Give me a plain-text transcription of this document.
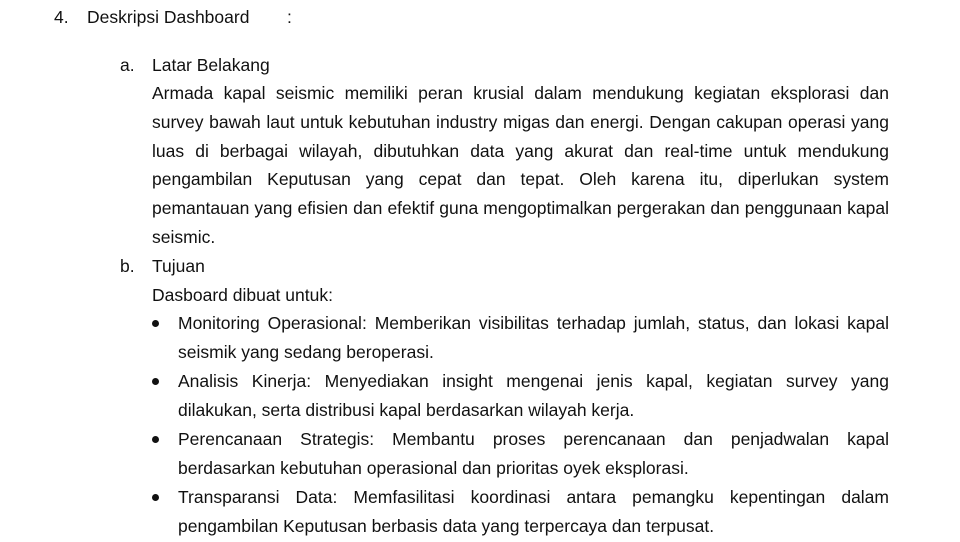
4.	Deskripsi Dashboard	:
a. Latar Belakang

Armada kapal seismic memiliki peran krusial dalam mendukung kegiatan eksplorasi dan survey bawah laut untuk kebutuhan industry migas dan energi. Dengan cakupan operasi yang luas di berbagai wilayah, dibutuhkan data yang akurat dan real-time untuk mendukung pengambilan Keputusan yang cepat dan tepat. Oleh karena itu, diperlukan system pemantauan yang efisien dan efektif guna mengoptimalkan pergerakan dan penggunaan kapal seismic.

b. Tujuan
Dasboard dibuat untuk:
Monitoring Operasional: Memberikan visibilitas terhadap jumlah, status, dan lokasi kapal seismik yang sedang beroperasi.
Analisis Kinerja: Menyediakan insight mengenai jenis kapal, kegiatan survey yang dilakukan, serta distribusi kapal berdasarkan wilayah kerja.
Perencanaan Strategis: Membantu proses perencanaan dan penjadwalan kapal berdasarkan kebutuhan operasional dan prioritas oyek eksplorasi.
Transparansi Data: Memfasilitasi koordinasi antara pemangku kepentingan dalam pengambilan Keputusan berbasis data yang terpercaya dan terpusat.
